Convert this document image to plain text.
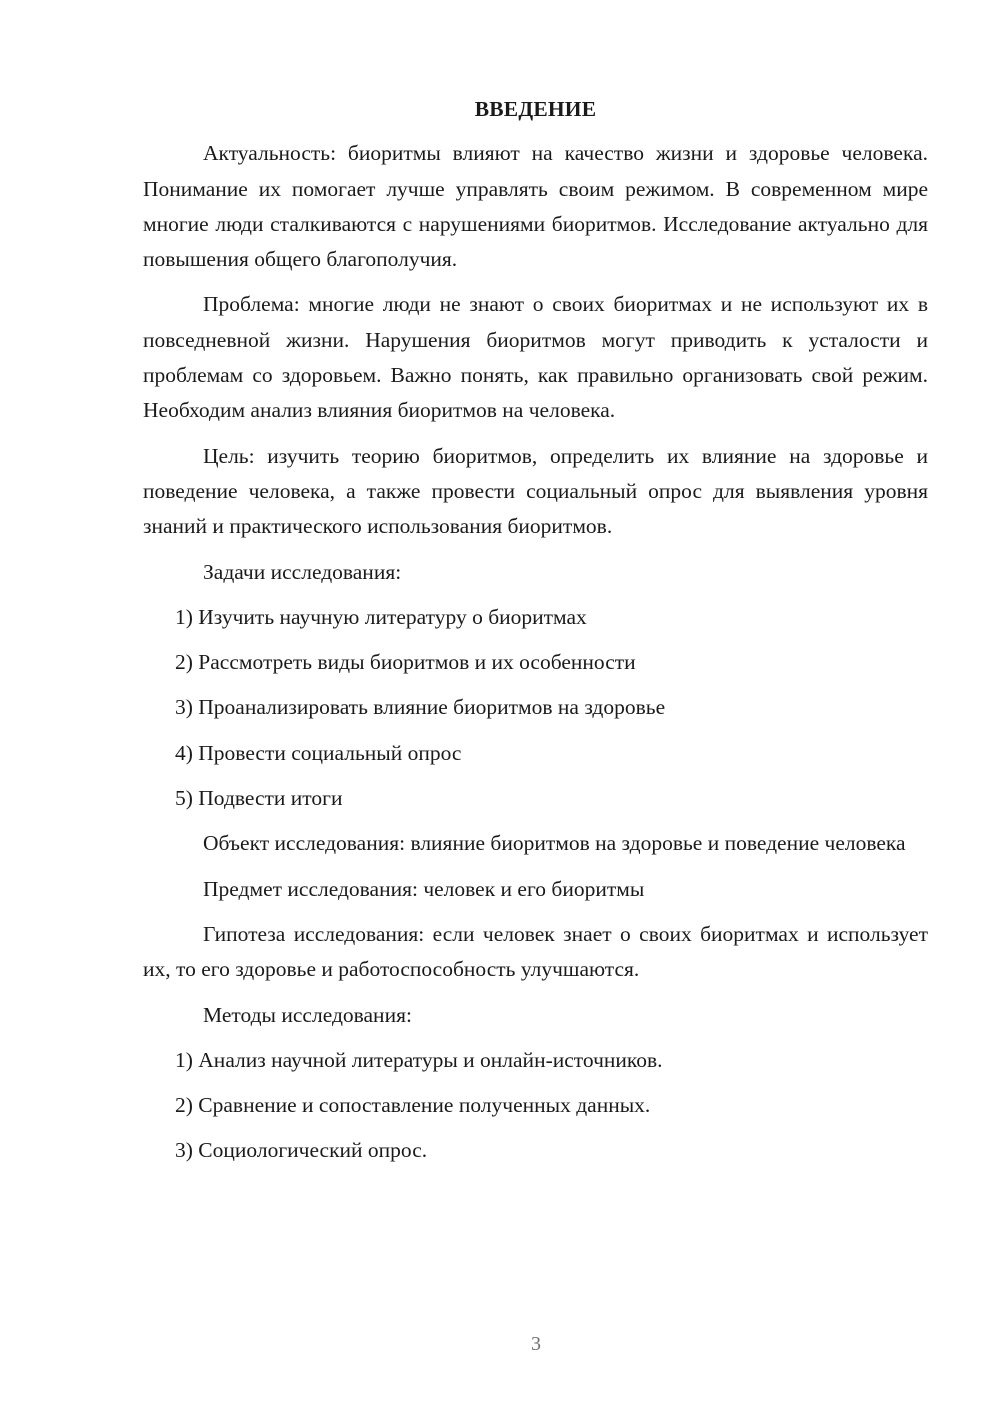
ВВЕДЕНИЕ

Актуальность: биоритмы влияют на качество жизни и здоровье человека. Понимание их помогает лучше управлять своим режимом. В современном мире многие люди сталкиваются с нарушениями биоритмов. Исследование актуально для повышения общего благополучия.

Проблема: многие люди не знают о своих биоритмах и не используют их в повседневной жизни. Нарушения биоритмов могут приводить к усталости и проблемам со здоровьем. Важно понять, как правильно организовать свой режим. Необходим анализ влияния биоритмов на человека.

Цель: изучить теорию биоритмов, определить их влияние на здоровье и поведение человека, а также провести социальный опрос для выявления уровня знаний и практического использования биоритмов.

Задачи исследования:

1) Изучить научную литературу о биоритмах

2) Рассмотреть виды биоритмов и их особенности

3) Проанализировать влияние биоритмов на здоровье

4) Провести социальный опрос

5) Подвести итоги

Объект исследования: влияние биоритмов на здоровье и поведение человека

Предмет исследования: человек и его биоритмы

Гипотеза исследования: если человек знает о своих биоритмах и использует их, то его здоровье и работоспособность улучшаются.

Методы исследования:

1) Анализ научной литературы и онлайн-источников.

2) Сравнение и сопоставление полученных данных.

3) Социологический опрос.

3
